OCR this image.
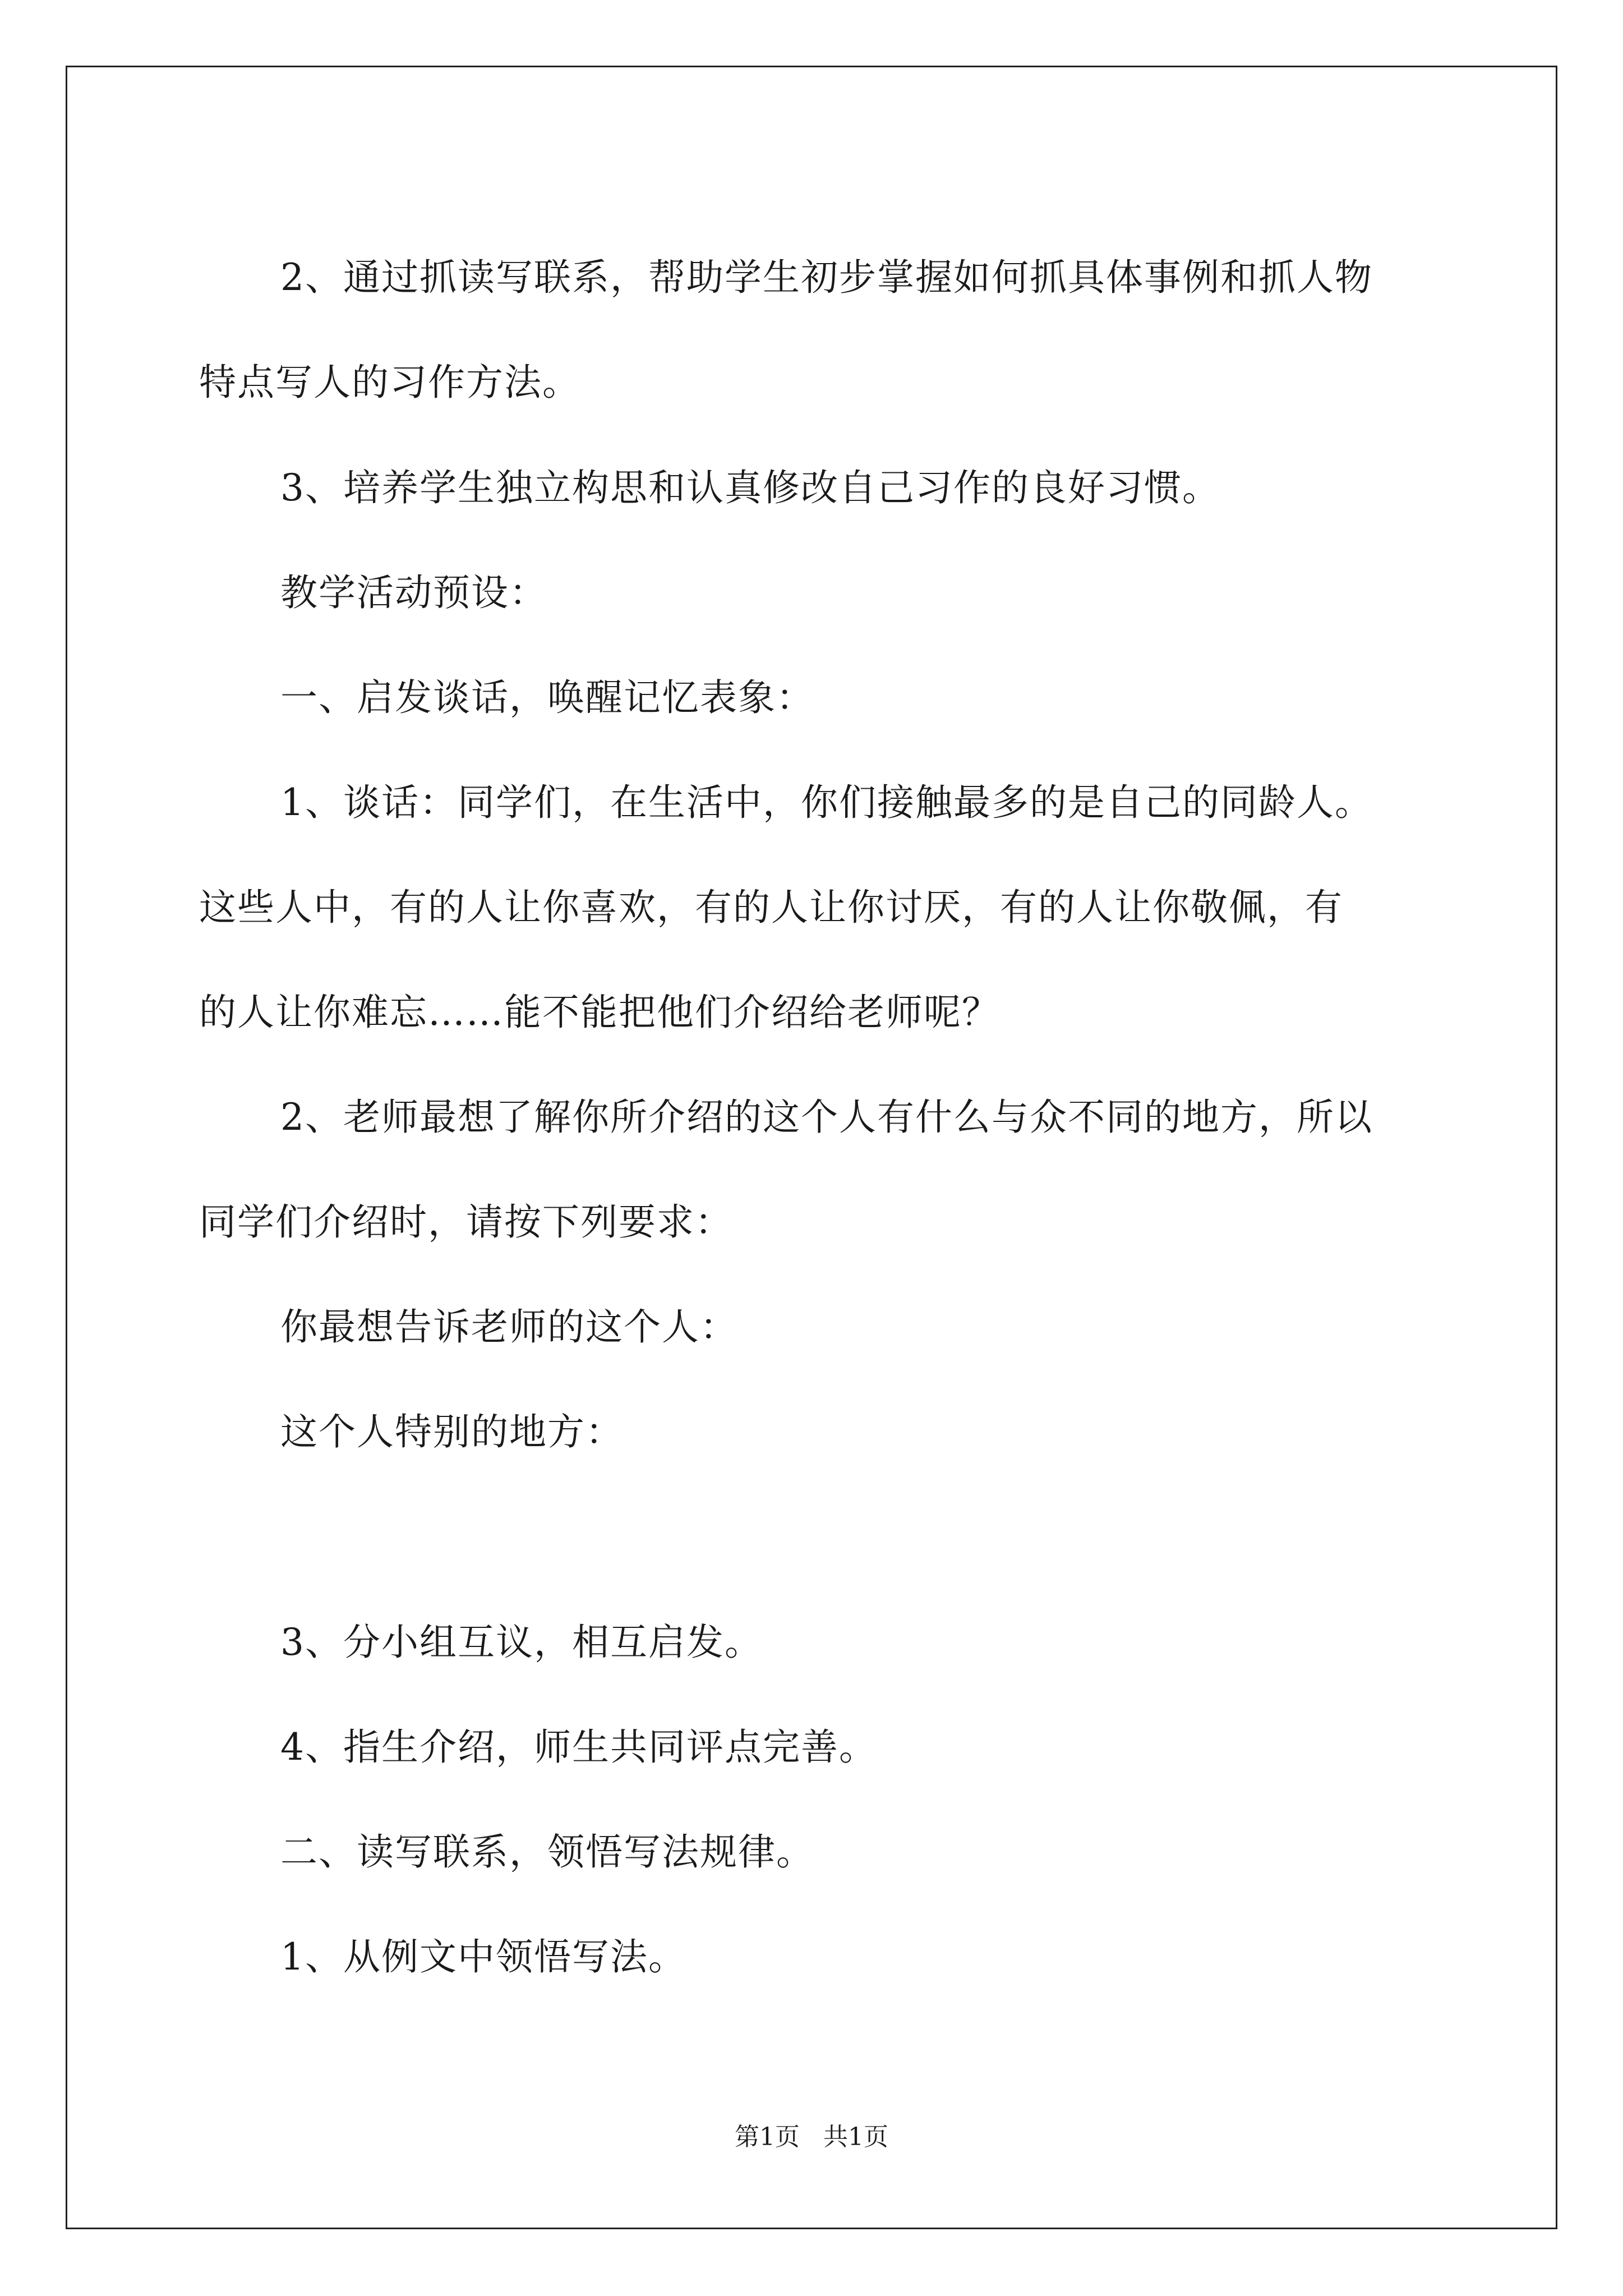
2、通过抓读写联系，帮助学生初步掌握如何抓具体事例和抓人物
特点写人的习作方法。
3、培养学生独立构思和认真修改自己习作的良好习惯。
教学活动预设：
一、启发谈话，唤醒记忆表象：
1、谈话：同学们，在生活中，你们接触最多的是自己的同龄人。
这些人中，有的人让你喜欢，有的人让你讨厌，有的人让你敬佩，有
的人让你难忘……能不能把他们介绍给老师呢？
2、老师最想了解你所介绍的这个人有什么与众不同的地方，所以
同学们介绍时，请按下列要求：
你最想告诉老师的这个人：
这个人特别的地方：
3、分小组互议，相互启发。
4、指生介绍，师生共同评点完善。
二、读写联系，领悟写法规律。
1、从例文中领悟写法。
第1页 共1页
